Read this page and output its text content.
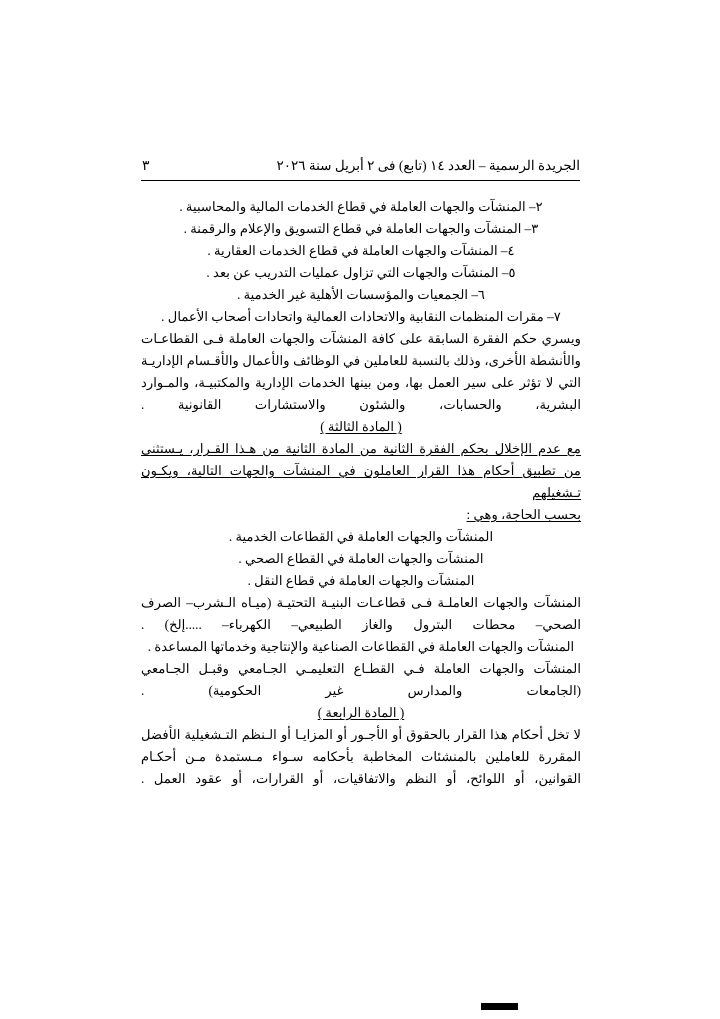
الجريدة الرسمية – العدد ١٤ (تابع) فى ٢ أبريل سنة ٢٠٢٦
٣

٢– المنشآت والجهات العاملة في قطاع الخدمات المالية والمحاسبية .

٣– المنشآت والجهات العاملة في قطاع التسويق والإعلام والرقمنة .

٤– المنشآت والجهات العاملة في قطاع الخدمات العقارية .

٥– المنشآت والجهات التي تزاول عمليات التدريب عن بعد .

٦– الجمعيات والمؤسسات الأهلية غير الخدمية .

٧– مقرات المنظمات النقابية والاتحادات العمالية واتحادات أصحاب الأعمال .

ويسري حكم الفقرة السابقة على كافة المنشآت والجهات العاملة فـى القطاعـات والأنشطة الأخرى، وذلك بالنسبة للعاملين في الوظائف والأعمال والأقـسام الإداريـة التي لا تؤثر على سير العمل بها، ومن بينها الخدمات الإدارية والمكتبيـة، والمـوارد البشرية، والحسابات، والشئون والاستشارات القانونية .

( المادة الثالثة )

مع عدم الإخلال بحكم الفقرة الثانية من المادة الثانية من هـذا القـرار، يـستثنى

من تطبيق أحكام هذا القرار العاملون في المنشآت والجهات التالية، ويكـون تـشغيلهم

بحسب الحاجة، وهي :

المنشآت والجهات العاملة في القطاعات الخدمية .

المنشآت والجهات العاملة في القطاع الصحي .

المنشآت والجهات العاملة في قطاع النقل .

المنشآت والجهات العاملـة فـى قطاعـات البنيـة التحتيـة (ميـاه الـشرب– الصرف الصحي– محطات البترول والغاز الطبيعي– الكهرباء– .....إلخ) .

المنشآت والجهات العاملة في القطاعات الصناعية والإنتاجية وخدماتها المساعدة .

المنشآت والجهات العاملة فـي القطـاع التعليمـي الجـامعي وقبـل الجـامعي (الجامعات والمدارس غير الحكومية) .

( المادة الرابعة )

لا تخل أحكام هذا القرار بالحقوق أو الأجـور أو المزايـا أو الـنظم التـشغيلية الأفضل المقررة للعاملين بالمنشئات المخاطبة بأحكامه سـواء مـستمدة مـن أحكـام القوانين، أو اللوائح، أو النظم والاتفاقيات، أو القرارات، أو عقود العمل .
